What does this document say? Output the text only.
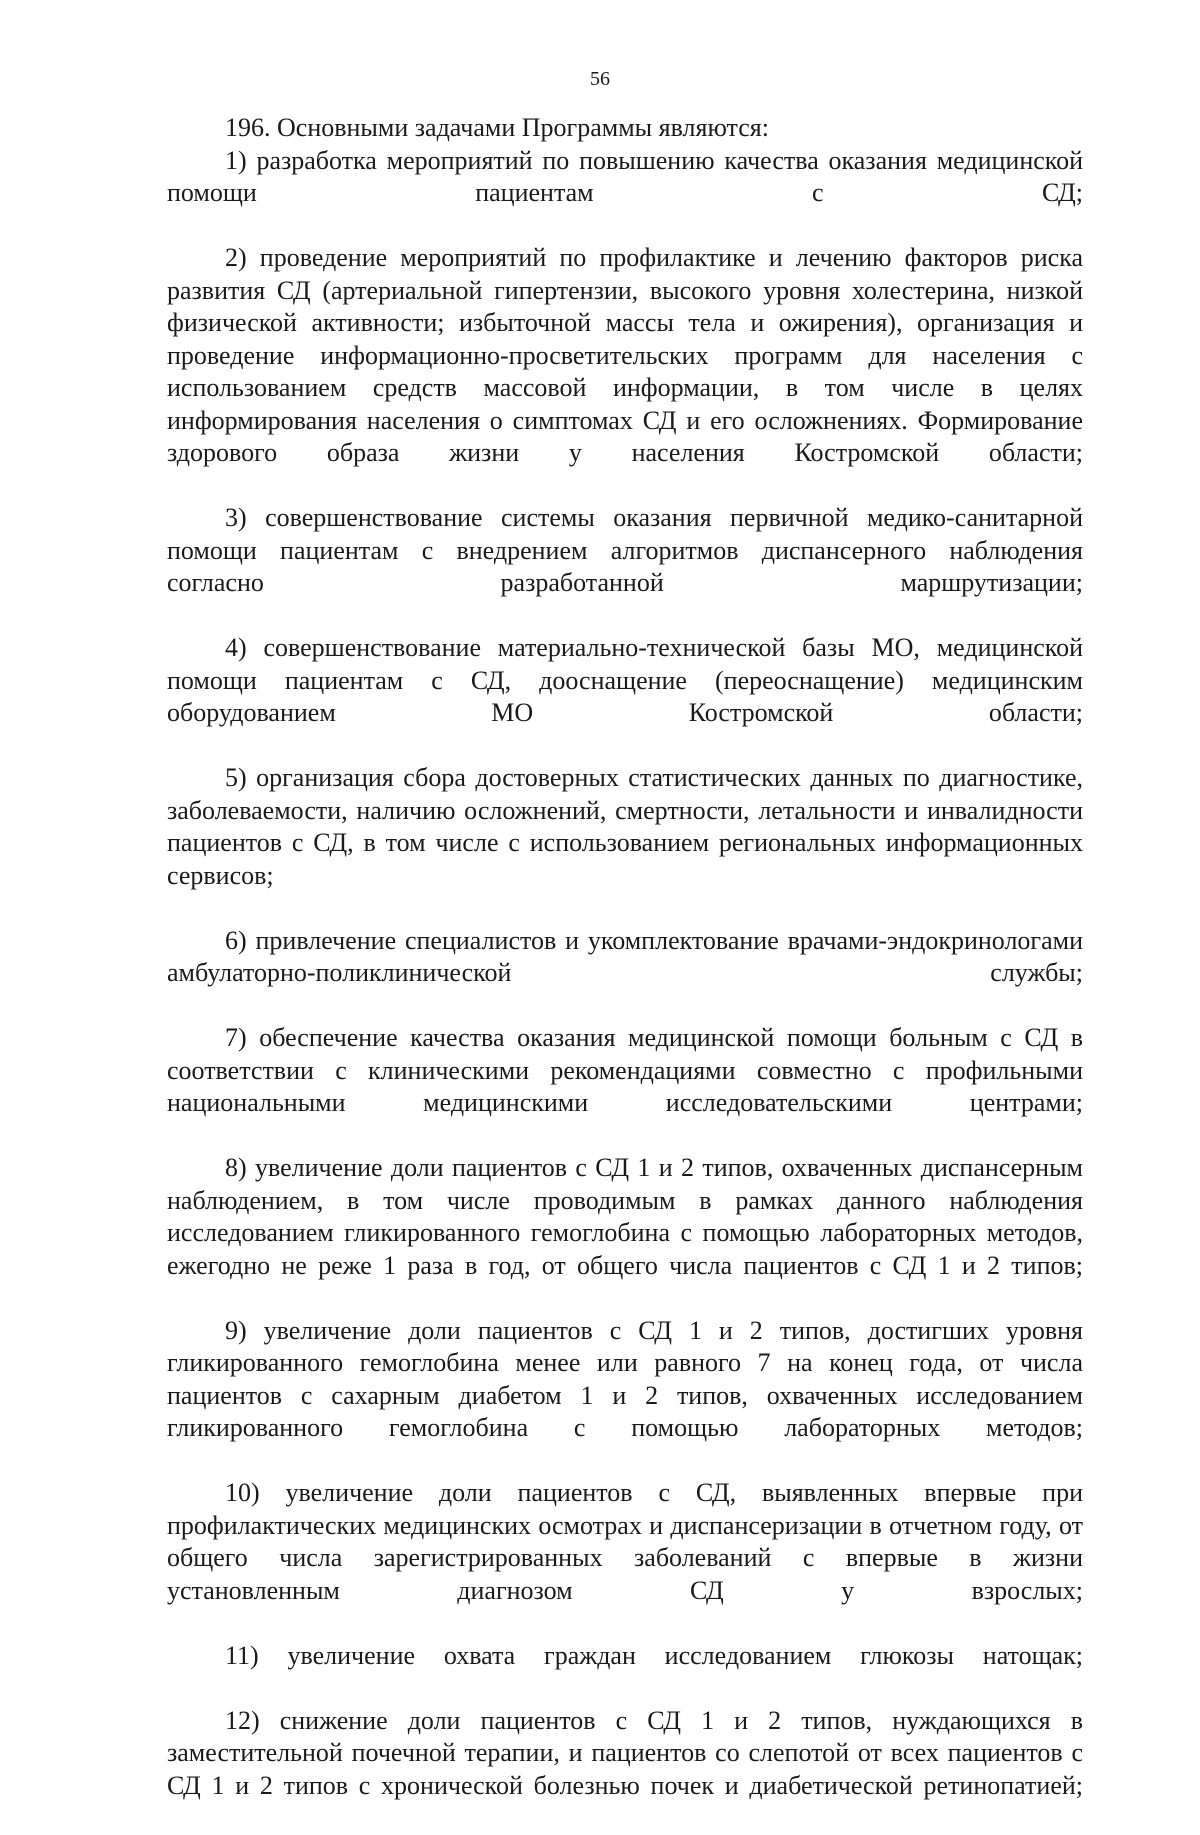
56

196. Основными задачами Программы являются:

1) разработка мероприятий по повышению качества оказания медицинской помощи пациентам с СД;

2) проведение мероприятий по профилактике и лечению факторов риска развития СД (артериальной гипертензии, высокого уровня холестерина, низкой физической активности; избыточной массы тела и ожирения), организация и проведение информационно-просветительских программ для населения с использованием средств массовой информации, в том числе в целях информирования населения о симптомах СД и его осложнениях. Формирование здорового образа жизни у населения Костромской области;

3) совершенствование системы оказания первичной медико-санитарной помощи пациентам с внедрением алгоритмов диспансерного наблюдения согласно разработанной маршрутизации;

4) совершенствование материально-технической базы МО, медицинской помощи пациентам с СД, дооснащение (переоснащение) медицинским оборудованием МО Костромской области;

5) организация сбора достоверных статистических данных по диагностике, заболеваемости, наличию осложнений, смертности, летальности и инвалидности пациентов с СД, в том числе с использованием региональных информационных сервисов;

6) привлечение специалистов и укомплектование врачами-эндокринологами амбулаторно-поликлинической службы;

7) обеспечение качества оказания медицинской помощи больным с СД в соответствии с клиническими рекомендациями совместно с профильными национальными медицинскими исследовательскими центрами;

8) увеличение доли пациентов с СД 1 и 2 типов, охваченных диспансерным наблюдением, в том числе проводимым в рамках данного наблюдения исследованием гликированного гемоглобина с помощью лабораторных методов, ежегодно не реже 1 раза в год, от общего числа пациентов с СД 1 и 2 типов;

9) увеличение доли пациентов с СД 1 и 2 типов, достигших уровня гликированного гемоглобина менее или равного 7 на конец года, от числа пациентов с сахарным диабетом 1 и 2 типов, охваченных исследованием гликированного гемоглобина с помощью лабораторных методов;

10) увеличение доли пациентов с СД, выявленных впервые при профилактических медицинских осмотрах и диспансеризации в отчетном году, от общего числа зарегистрированных заболеваний с впервые в жизни установленным диагнозом СД у взрослых;

11) увеличение охвата граждан исследованием глюкозы натощак;

12) снижение доли пациентов с СД 1 и 2 типов, нуждающихся в заместительной почечной терапии, и пациентов со слепотой от всех пациентов с СД 1 и 2 типов с хронической болезнью почек и диабетической ретинопатией;
